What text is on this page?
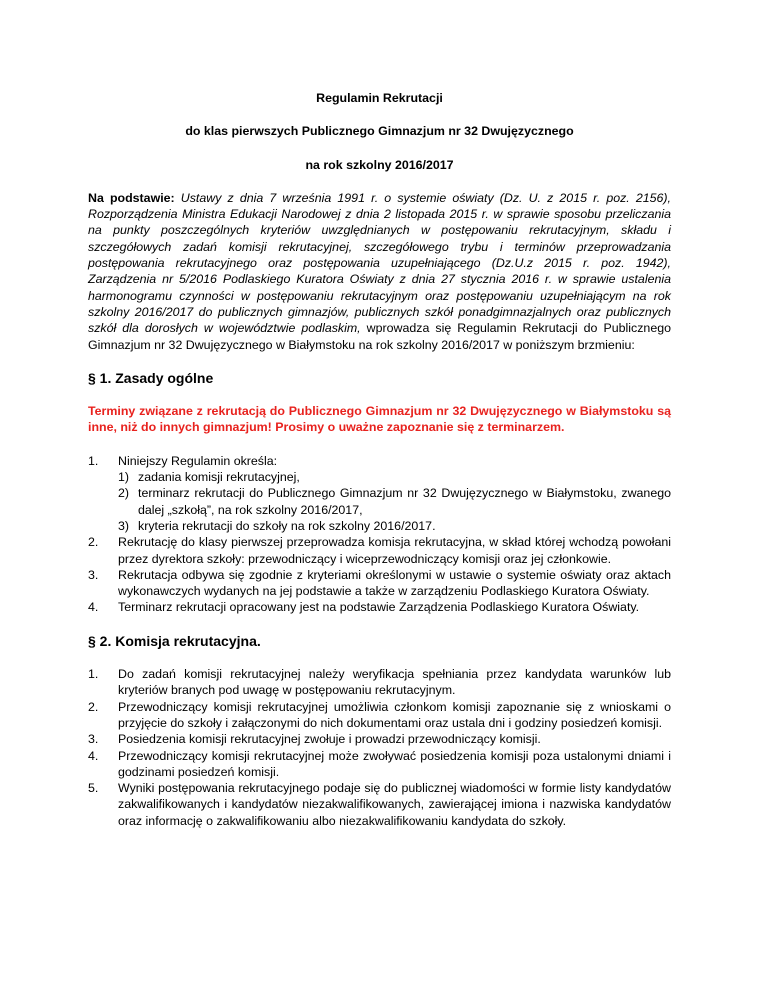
Regulamin Rekrutacji

do klas pierwszych Publicznego Gimnazjum nr 32 Dwujęzycznego

na rok szkolny 2016/2017

Na podstawie: Ustawy z dnia 7 września 1991 r. o systemie oświaty (Dz. U. z 2015 r. poz. 2156), Rozporządzenia Ministra Edukacji Narodowej z dnia 2 listopada 2015 r. w sprawie sposobu przeliczania na punkty poszczególnych kryteriów uwzględnianych w postępowaniu rekrutacyjnym, składu i szczegółowych zadań komisji rekrutacyjnej, szczegółowego trybu i terminów przeprowadzania postępowania rekrutacyjnego oraz postępowania uzupełniającego (Dz.U.z 2015 r. poz. 1942), Zarządzenia nr 5/2016 Podlaskiego Kuratora Oświaty z dnia 27 stycznia 2016 r. w sprawie ustalenia harmonogramu czynności w postępowaniu rekrutacyjnym oraz postępowaniu uzupełniającym na rok szkolny 2016/2017 do publicznych gimnazjów, publicznych szkół ponadgimnazjalnych oraz publicznych szkół dla dorosłych w województwie podlaskim, wprowadza się Regulamin Rekrutacji do Publicznego Gimnazjum nr 32 Dwujęzycznego w Białymstoku na rok szkolny 2016/2017 w poniższym brzmieniu:

§ 1. Zasady ogólne

Terminy związane z rekrutacją do Publicznego Gimnazjum nr 32 Dwujęzycznego w Białymstoku są inne, niż do innych gimnazjum! Prosimy o uważne zapoznanie się z terminarzem.

1. Niniejszy Regulamin określa:
1) zadania komisji rekrutacyjnej,
2) terminarz rekrutacji do Publicznego Gimnazjum nr 32 Dwujęzycznego w Białymstoku, zwanego dalej „szkołą”, na rok szkolny 2016/2017,
3) kryteria rekrutacji do szkoły na rok szkolny 2016/2017.
2. Rekrutację do klasy pierwszej przeprowadza komisja rekrutacyjna, w skład której wchodzą powołani przez dyrektora szkoły: przewodniczący i wiceprzewodniczący komisji oraz jej członkowie.
3. Rekrutacja odbywa się zgodnie z kryteriami określonymi w ustawie o systemie oświaty oraz aktach wykonawczych wydanych na jej podstawie a także w zarządzeniu Podlaskiego Kuratora Oświaty.
4. Terminarz rekrutacji opracowany jest na podstawie Zarządzenia Podlaskiego Kuratora Oświaty.
§ 2. Komisja rekrutacyjna.
1. Do zadań komisji rekrutacyjnej należy weryfikacja spełniania przez kandydata warunków lub kryteriów branych pod uwagę w postępowaniu rekrutacyjnym.
2. Przewodniczący komisji rekrutacyjnej umożliwia członkom komisji zapoznanie się z wnioskami o przyjęcie do szkoły i załączonymi do nich dokumentami oraz ustala dni i godziny posiedzeń komisji.
3. Posiedzenia komisji rekrutacyjnej zwołuje i prowadzi przewodniczący komisji.
4. Przewodniczący komisji rekrutacyjnej może zwoływać posiedzenia komisji poza ustalonymi dniami i godzinami posiedzeń komisji.
5. Wyniki postępowania rekrutacyjnego podaje się do publicznej wiadomości w formie listy kandydatów zakwalifikowanych i kandydatów niezakwalifikowanych, zawierającej imiona i nazwiska kandydatów oraz informację o zakwalifikowaniu albo niezakwalifikowaniu kandydata do szkoły.
